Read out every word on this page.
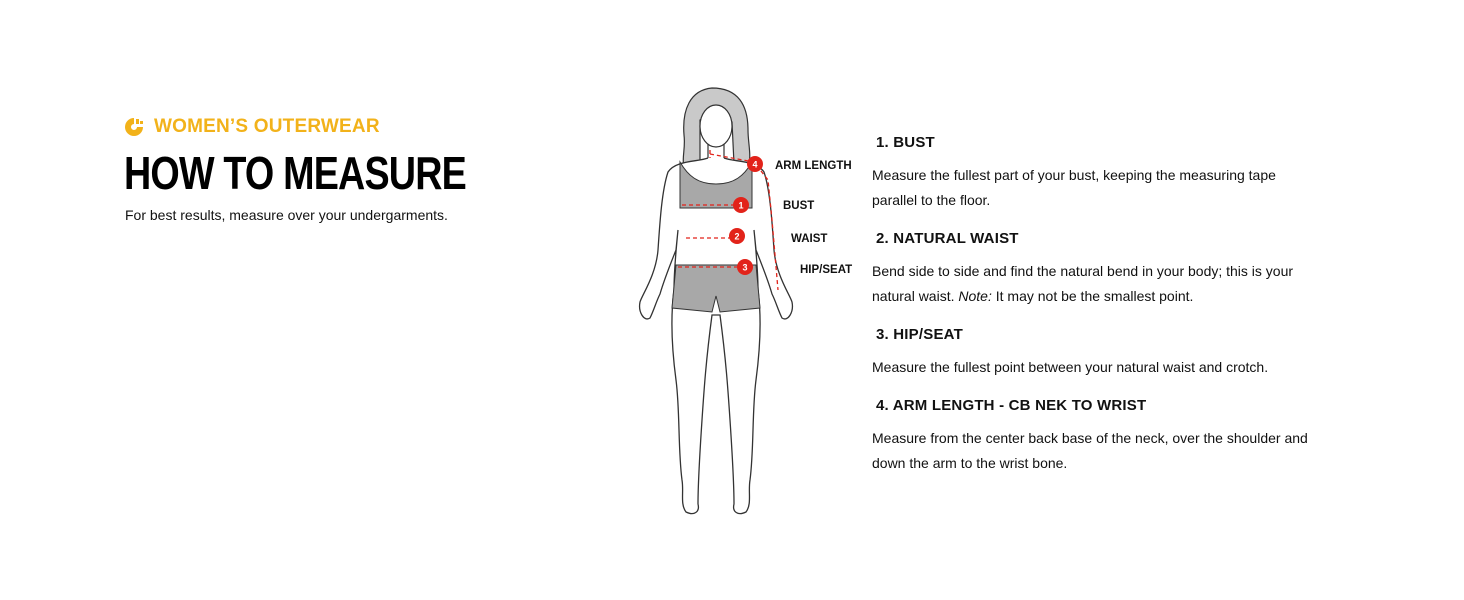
WOMEN’S OUTERWEAR
HOW TO MEASURE
For best results, measure over your undergarments.
1
2
3
4 ARM LENGTH
BUST
WAIST
HIP/SEAT
1. BUST

Measure the fullest part of your bust, keeping the measuring tape parallel to the floor.

2. NATURAL WAIST

Bend side to side and find the natural bend in your body; this is your natural waist. Note: It may not be the smallest point.

3. HIP/SEAT

Measure the fullest point between your natural waist and crotch.

4. ARM LENGTH - CB NEK TO WRIST

Measure from the center back base of the neck, over the shoulder and down the arm to the wrist bone.
